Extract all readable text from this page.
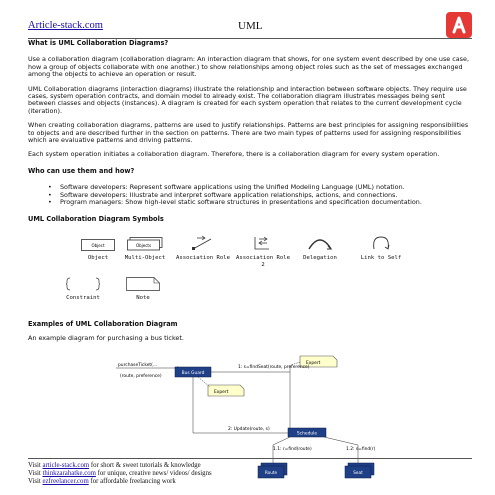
Article-stack.com	UML
What is UML Collaboration Diagrams?

Use a collaboration diagram (collaboration diagram: An interaction diagram that shows, for one system event described by one use case, how a group of objects collaborate with one another.) to show relationships among object roles such as the set of messages exchanged among the objects to achieve an operation or result.

UML Collaboration diagrams (interaction diagrams) illustrate the relationship and interaction between software objects. They require use cases, system operation contracts, and domain model to already exist. The collaboration diagram illustrates messages being sent between classes and objects (instances). A diagram is created for each system operation that relates to the current development cycle (iteration).

When creating collaboration diagrams, patterns are used to justify relationships. Patterns are best principles for assigning responsibilities to objects and are described further in the section on patterns. There are two main types of patterns used for assigning responsibilities which are evaluative patterns and driving patterns.

Each system operation initiates a collaboration diagram. Therefore, there is a collaboration diagram for every system operation.

Who can use them and how?
• Software developers: Represent software applications using the Unified Modeling Language (UML) notation.
• Software developers: Illustrate and interpret software application relationships, actions, and connections.
• Program managers: Show high-level static software structures in presentations and specification documentation.
UML Collaboration Diagram Symbols
Object
Object
Objects
Multi-Object	Association Role	Association Role 2
Delegation	Link to Self
Constraint	Note
Examples of UML Collaboration Diagram

An example diagram for purchasing a bus ticket.

Expert
purchaseTicket(...
(route, preference)
Bus Guard
1: s=findSeat(route, preference)
Expert
2: Update(route, s)
Schedule
1.1: r=find(route)	1.2: s=find(r)
Route	Seat
Visit article-stack.com for short & sweet tutorials & knowledge
Visit thinkzarahatke.com for unique, creative news/ videos/ designs
Visit ezfreelancer.com for affordable freelancing work
